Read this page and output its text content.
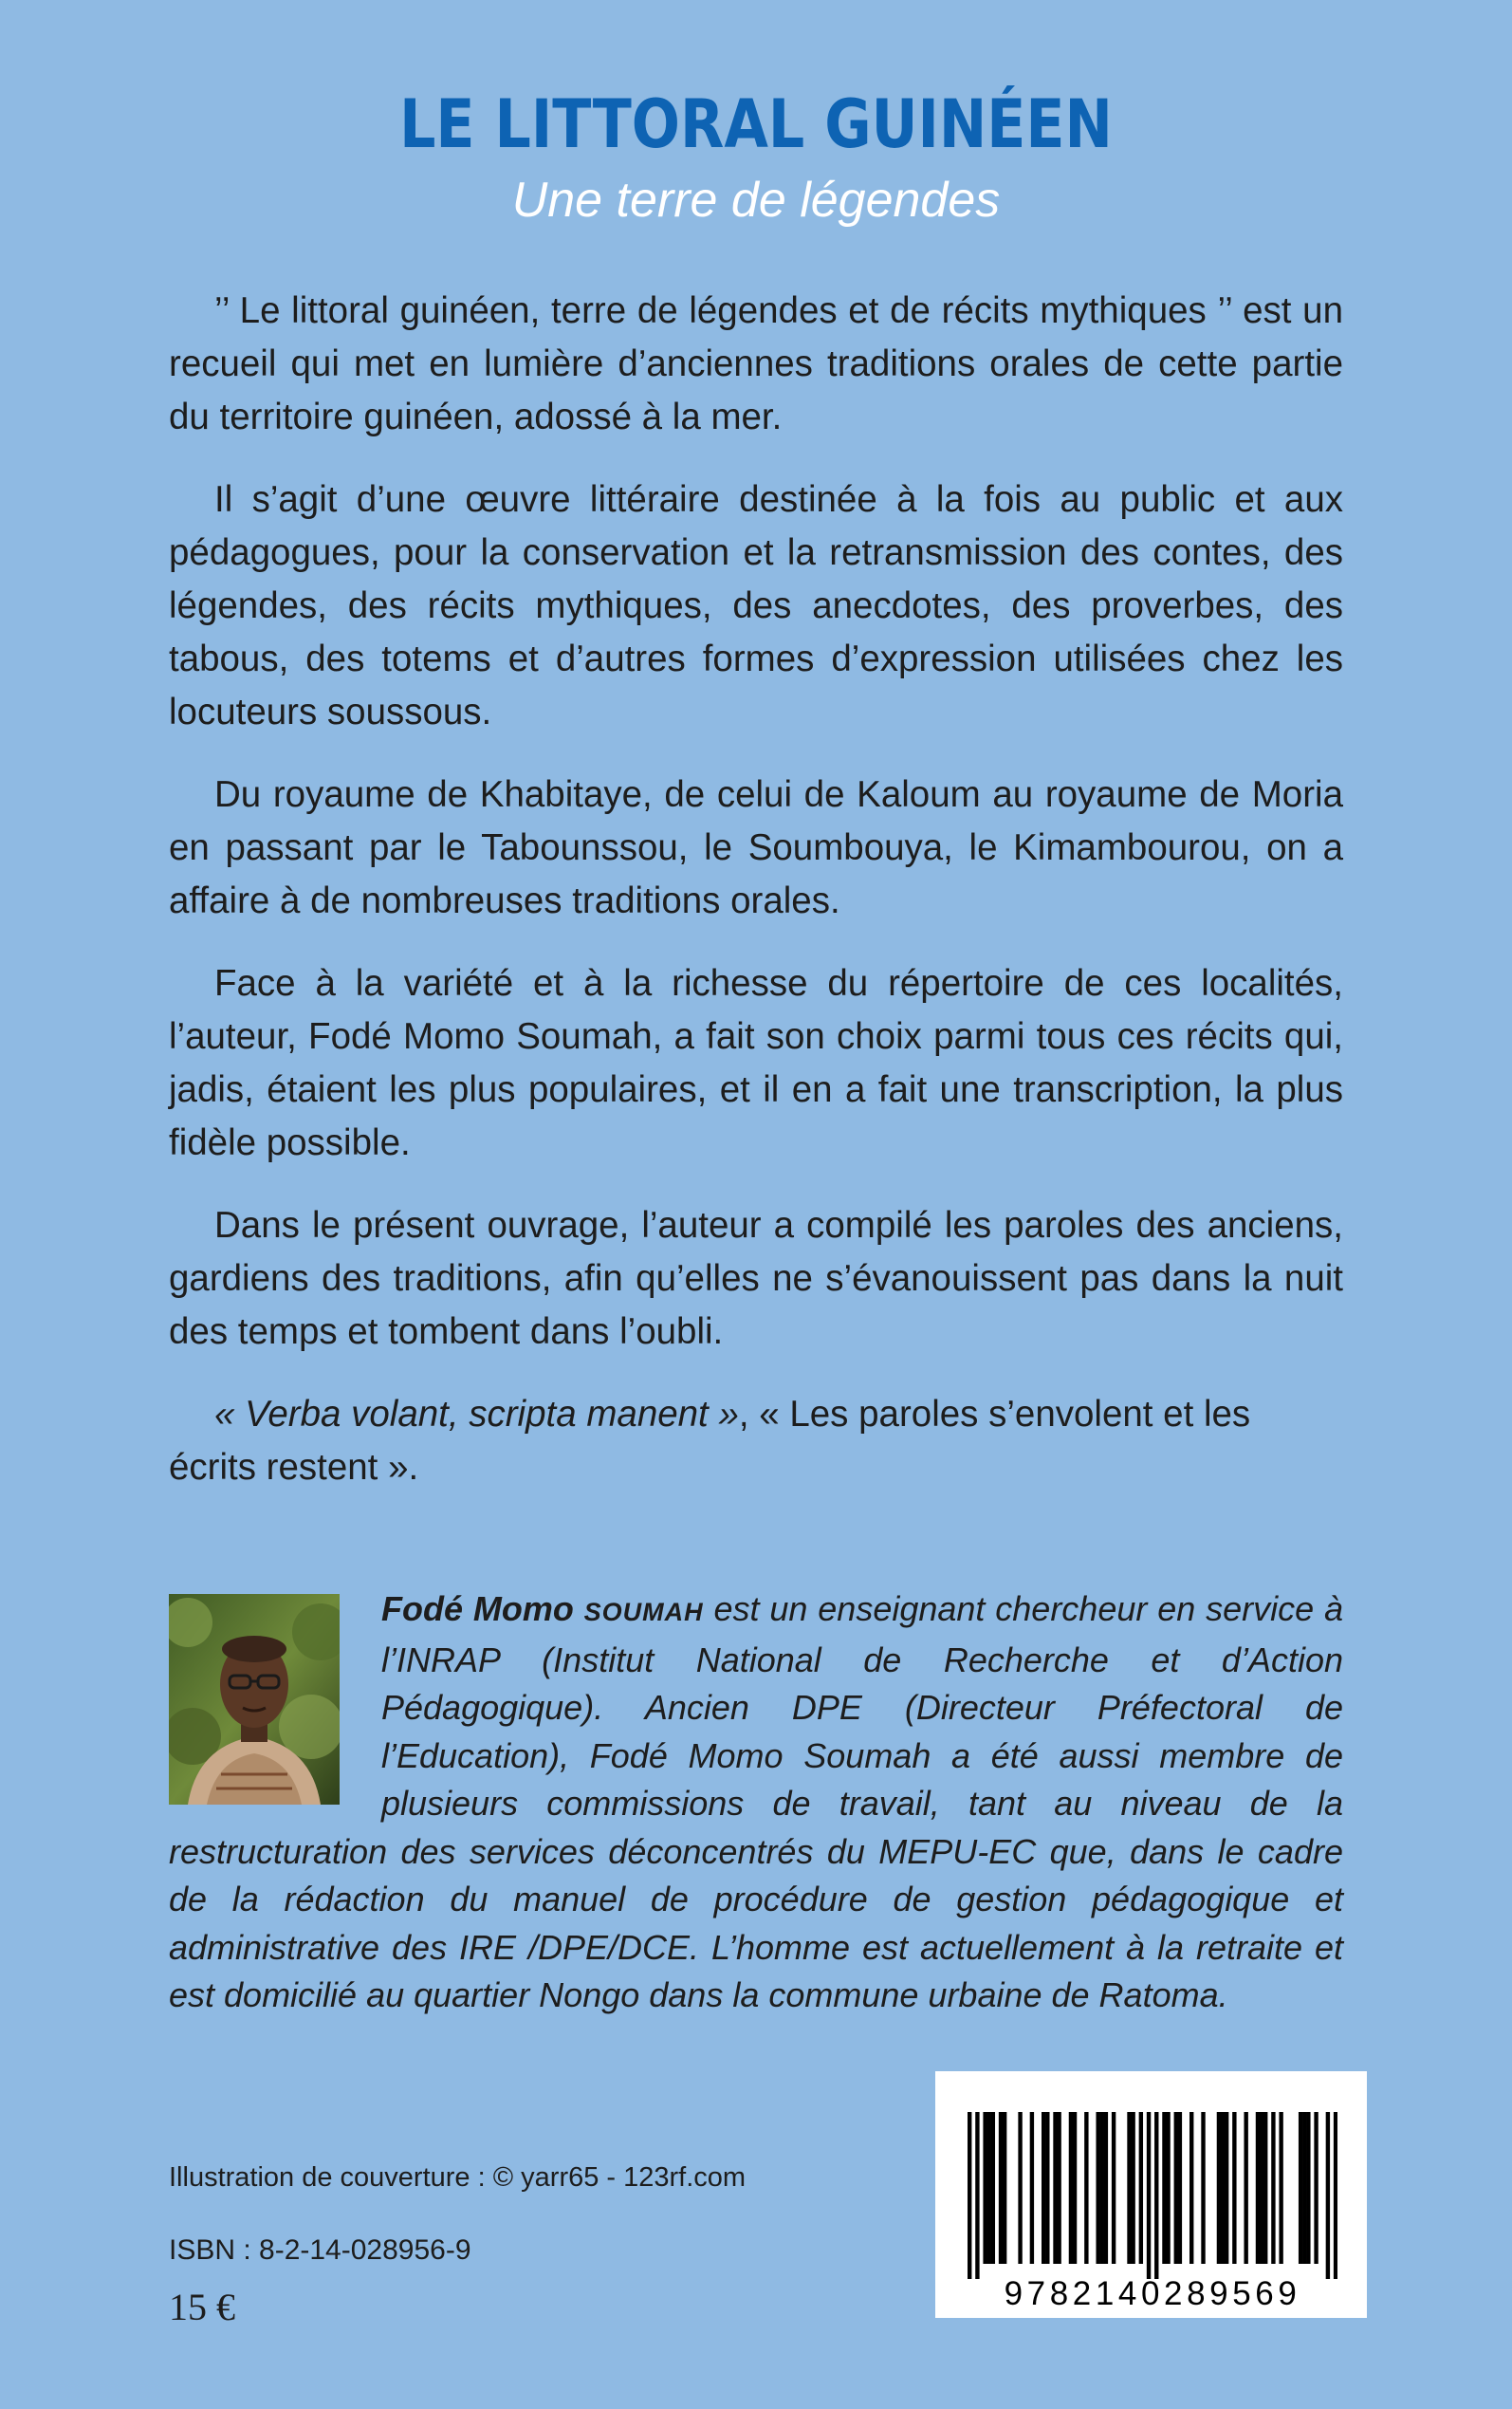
LE LITTORAL GUINÉEN
Une terre de légendes

’’ Le littoral guinéen, terre de légendes et de récits mythiques ’’ est un recueil qui met en lumière d’anciennes traditions orales de cette partie du territoire guinéen, adossé à la mer.

Il s’agit d’une œuvre littéraire destinée à la fois au public et aux pédagogues, pour la conservation et la retransmission des contes, des légendes, des récits mythiques, des anecdotes, des proverbes, des tabous, des totems et d’autres formes d’expression utilisées chez les locuteurs soussous.

Du royaume de Khabitaye, de celui de Kaloum au royaume de Moria en passant par le Tabounssou, le Soumbouya, le Kimambourou, on a affaire à de nombreuses traditions orales.

Face à la variété et à la richesse du répertoire de ces localités, l’auteur, Fodé Momo Soumah, a fait son choix parmi tous ces récits qui, jadis, étaient les plus populaires, et il en a fait une transcription, la plus fidèle possible.

Dans le présent ouvrage, l’auteur a compilé les paroles des anciens, gardiens des traditions, afin qu’elles ne s’évanouissent pas dans la nuit des temps et tombent dans l’oubli.

« Verba volant, scripta manent », « Les paroles s’envolent et les écrits restent ».

Fodé Momo SOUMAH est un enseignant chercheur en service à l’INRAP (Institut National de Recherche et d’Action Pédagogique). Ancien DPE (Directeur Préfectoral de l’Education), Fodé Momo Soumah a été aussi membre de plusieurs commissions de travail, tant au niveau de la restructuration des services déconcentrés du MEPU-EC que, dans le cadre de la rédaction du manuel de procédure de gestion pédagogique et administrative des IRE /DPE/DCE. L’homme est actuellement à la retraite et est domicilié au quartier Nongo dans la commune urbaine de Ratoma.
Illustration de couverture : © yarr65 - 123rf.com
ISBN : 8-2-14-028956-9
15 €	9782140289569
